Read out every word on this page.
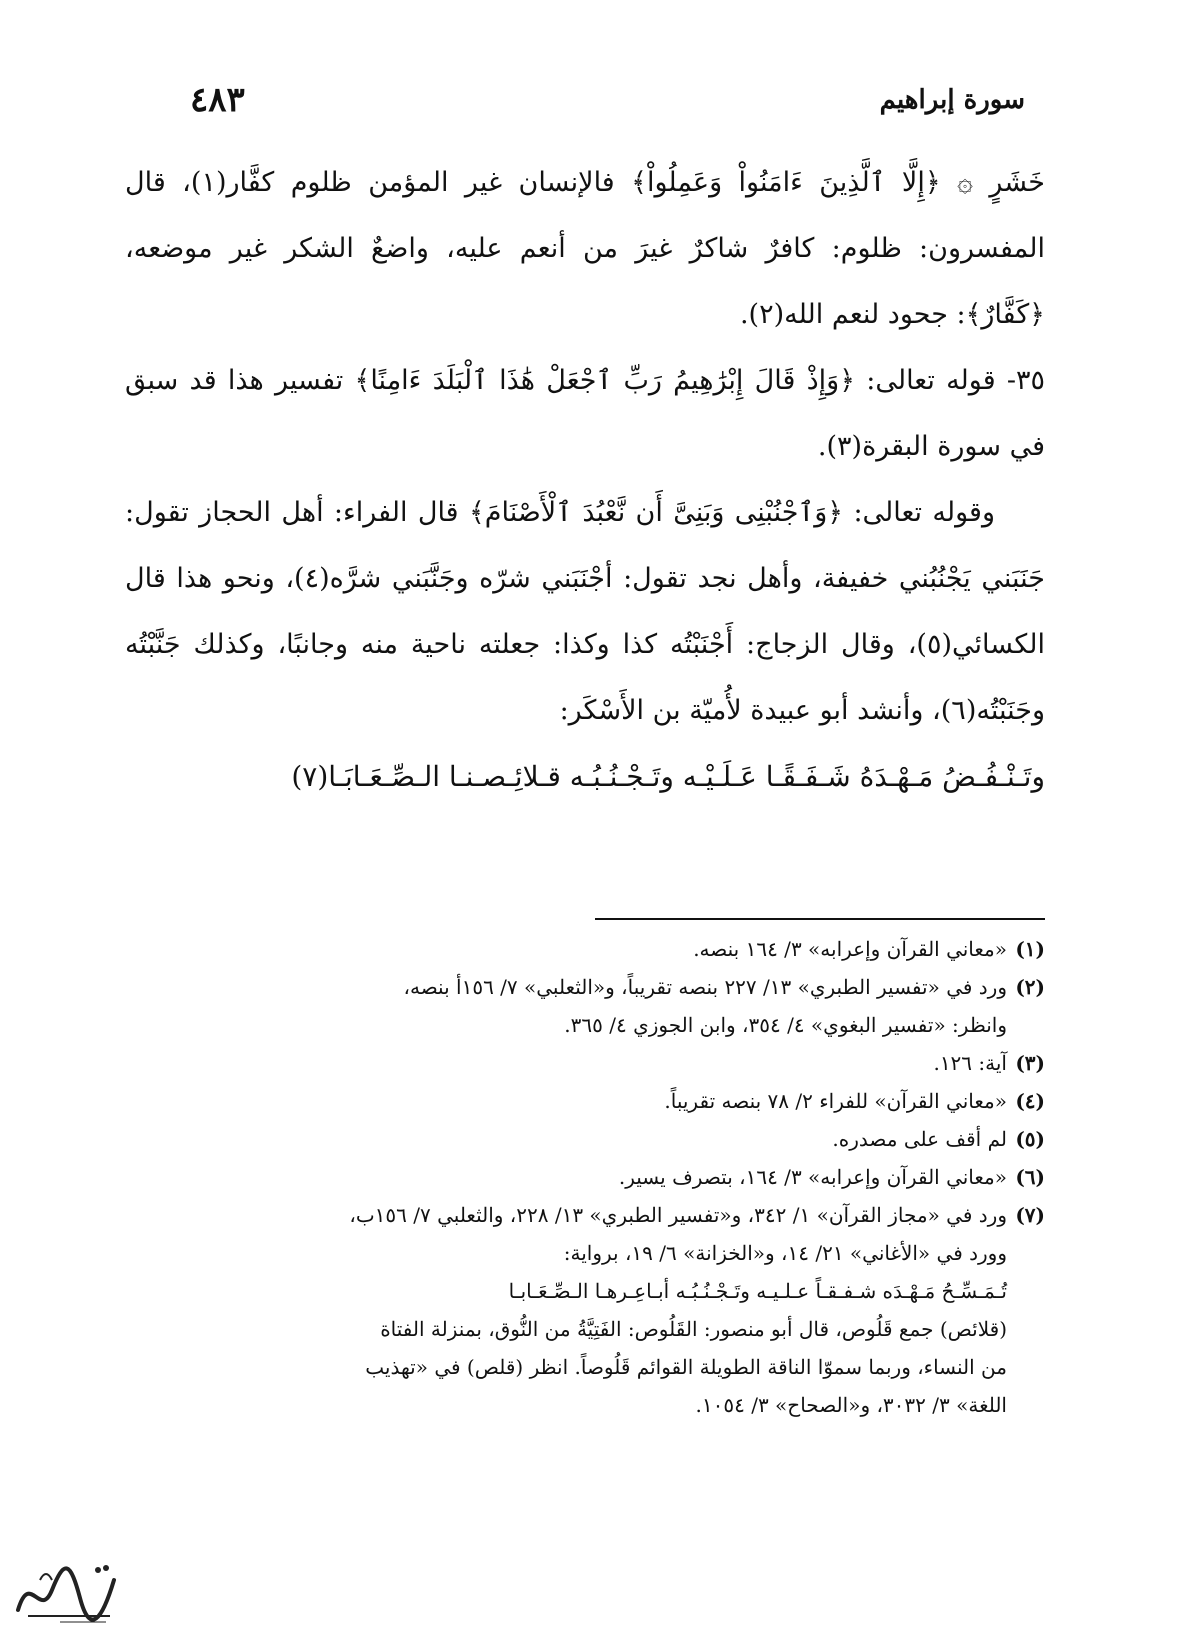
سورة إبراهيم
٤٨٣

خَشَرٍ ۞ ﴿إِلَّا ٱلَّذِينَ ءَامَنُواْ وَعَمِلُواْ﴾ فالإنسان غير المؤمن ظلوم كفَّار(١)، قال المفسرون: ظلوم: كافرٌ شاكرٌ غيرَ من أنعم عليه، واضعٌ الشكر غير موضعه، ﴿كَفَّارٌ﴾: جحود لنعم الله(٢).

٣٥- قوله تعالى: ﴿وَإِذْ قَالَ إِبْرَٰهِيمُ رَبِّ ٱجْعَلْ هَٰذَا ٱلْبَلَدَ ءَامِنًا﴾ تفسير هذا قد سبق في سورة البقرة(٣).

وقوله تعالى: ﴿وَٱجْنُبْنِى وَبَنِىَّ أَن نَّعْبُدَ ٱلْأَصْنَامَ﴾ قال الفراء: أهل الحجاز تقول: جَنَبَني يَجْنُبُني خفيفة، وأهل نجد تقول: أجْنَبَني شرّه وجَنَّبَني شرَّه(٤)، ونحو هذا قال الكسائي(٥)، وقال الزجاج: أَجْنَبْتُه كذا وكذا: جعلته ناحية منه وجانبًا، وكذلك جَنَّبْتُه وجَنَبْتُه(٦)، وأنشد أبو عبيدة لأُميّة بن الأَسْكَر:

وتَـنْـفُـضُ مَـهْـدَهُ شَـفَـقًـا عَـلَـيْـه وتَـجْـنُـبُـه قـلائِـصـنـا الـصِّـعَـابَـا(٧)

(١)
«معاني القرآن وإعرابه» ٣/ ١٦٤ بنصه.
(٢)
ورد في «تفسير الطبري» ١٣/ ٢٢٧ بنصه تقريباً، و«الثعلبي» ٧/ ١٥٦أ بنصه،
وانظر: «تفسير البغوي» ٤/ ٣٥٤، وابن الجوزي ٤/ ٣٦٥.
(٣)
آية: ١٢٦.
(٤)
«معاني القرآن» للفراء ٢/ ٧٨ بنصه تقريباً.
(٥)
لم أقف على مصدره.
(٦)
«معاني القرآن وإعرابه» ٣/ ١٦٤، بتصرف يسير.
(٧)
ورد في «مجاز القرآن» ١/ ٣٤٢، و«تفسير الطبري» ١٣/ ٢٢٨، والثعلبي ٧/ ١٥٦ب،
وورد في «الأغاني» ٢١/ ١٤، و«الخزانة» ٦/ ١٩، برواية:
تُـمَـسِّـحُ مَـهْـدَه شـفـقـاً عـلـيـه وتَـجْـنُـبُـه أبـاعِـرهـا الـصِّـعَـابـا
(قلائص) جمع قَلُوص، قال أبو منصور: القَلُوص: الفَتِيَّةُ من النُّوق، بمنزلة الفتاة
من النساء، وربما سموّا الناقة الطويلة القوائم قَلُوصاً. انظر (قلص) في «تهذيب
اللغة» ٣/ ٣٠٣٢، و«الصحاح» ٣/ ١٠٥٤.
